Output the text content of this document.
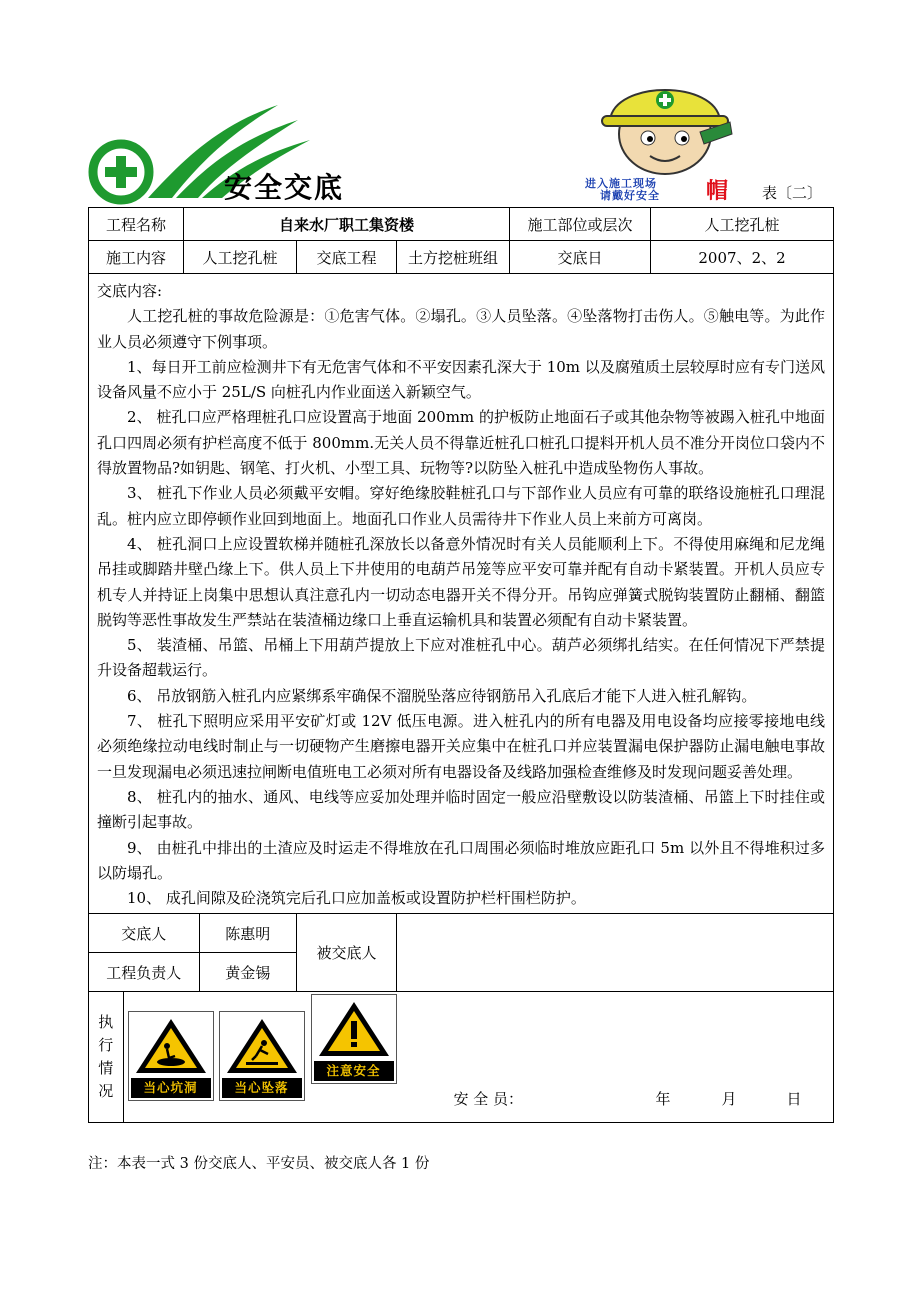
安全交底	进入施工现场
请戴好安全 帽 表〔二〕
工程名称	自来水厂职工集资楼	施工部位或层次	人工挖孔桩
施工内容	人工挖孔桩	交底工程	土方挖桩班组	交底日	2007、2、2

交底内容:

人工挖孔桩的事故危险源是：①危害气体。②塌孔。③人员坠落。④坠落物打击伤人。⑤触电等。为此作业人员必须遵守下例事项。

1、每日开工前应检测井下有无危害气体和不平安因素孔深大于 10m 以及腐殖质土层较厚时应有专门送风设备风量不应小于 25L/S 向桩孔内作业面送入新颖空气。

2、 桩孔口应严格理桩孔口应设置高于地面 200mm 的护板防止地面石子或其他杂物等被踢入桩孔中地面孔口四周必须有护栏高度不低于 800mm.无关人员不得靠近桩孔口桩孔口提料开机人员不准分开岗位口袋内不得放置物品?如钥匙、钢笔、打火机、小型工具、玩物等?以防坠入桩孔中造成坠物伤人事故。

3、 桩孔下作业人员必须戴平安帽。穿好绝缘胶鞋桩孔口与下部作业人员应有可靠的联络设施桩孔口理混乱。桩内应立即停顿作业回到地面上。地面孔口作业人员需待井下作业人员上来前方可离岗。

4、 桩孔洞口上应设置软梯并随桩孔深放长以备意外情况时有关人员能顺利上下。不得使用麻绳和尼龙绳吊挂或脚踏井壁凸缘上下。供人员上下井使用的电葫芦吊笼等应平安可靠并配有自动卡紧装置。开机人员应专机专人并持证上岗集中思想认真注意孔内一切动态电器开关不得分开。吊钩应弹簧式脱钩装置防止翻桶、翻篮脱钩等恶性事故发生严禁站在装渣桶边缘口上垂直运输机具和装置必须配有自动卡紧装置。

5、 装渣桶、吊篮、吊桶上下用葫芦提放上下应对准桩孔中心。葫芦必须绑扎结实。在任何情况下严禁提升设备超载运行。

6、 吊放钢筋入桩孔内应紧绑系牢确保不溜脱坠落应待钢筋吊入孔底后才能下人进入桩孔解钩。

7、 桩孔下照明应采用平安矿灯或 12V 低压电源。进入桩孔内的所有电器及用电设备均应接零接地电线必须绝缘拉动电线时制止与一切硬物产生磨擦电器开关应集中在桩孔口并应装置漏电保护器防止漏电触电事故一旦发现漏电必须迅速拉闸断电值班电工必须对所有电器设备及线路加强检查维修及时发现问题妥善处理。

8、 桩孔内的抽水、通风、电线等应妥加处理并临时固定一般应沿壁敷设以防装渣桶、吊篮上下时挂住或撞断引起事故。

9、 由桩孔中排出的土渣应及时运走不得堆放在孔口周围必须临时堆放应距孔口 5m 以外且不得堆积过多以防塌孔。

10、 成孔间隙及砼浇筑完后孔口应加盖板或设置防护栏杆围栏防护。

交底人	陈惠明
工程负责人	黄金锡
	被交底人	

执行情况	当心坑洞	当心坠落
注意安全
安 全 员：	年	月	日
注：本表一式 3 份交底人、平安员、被交底人各 1 份
